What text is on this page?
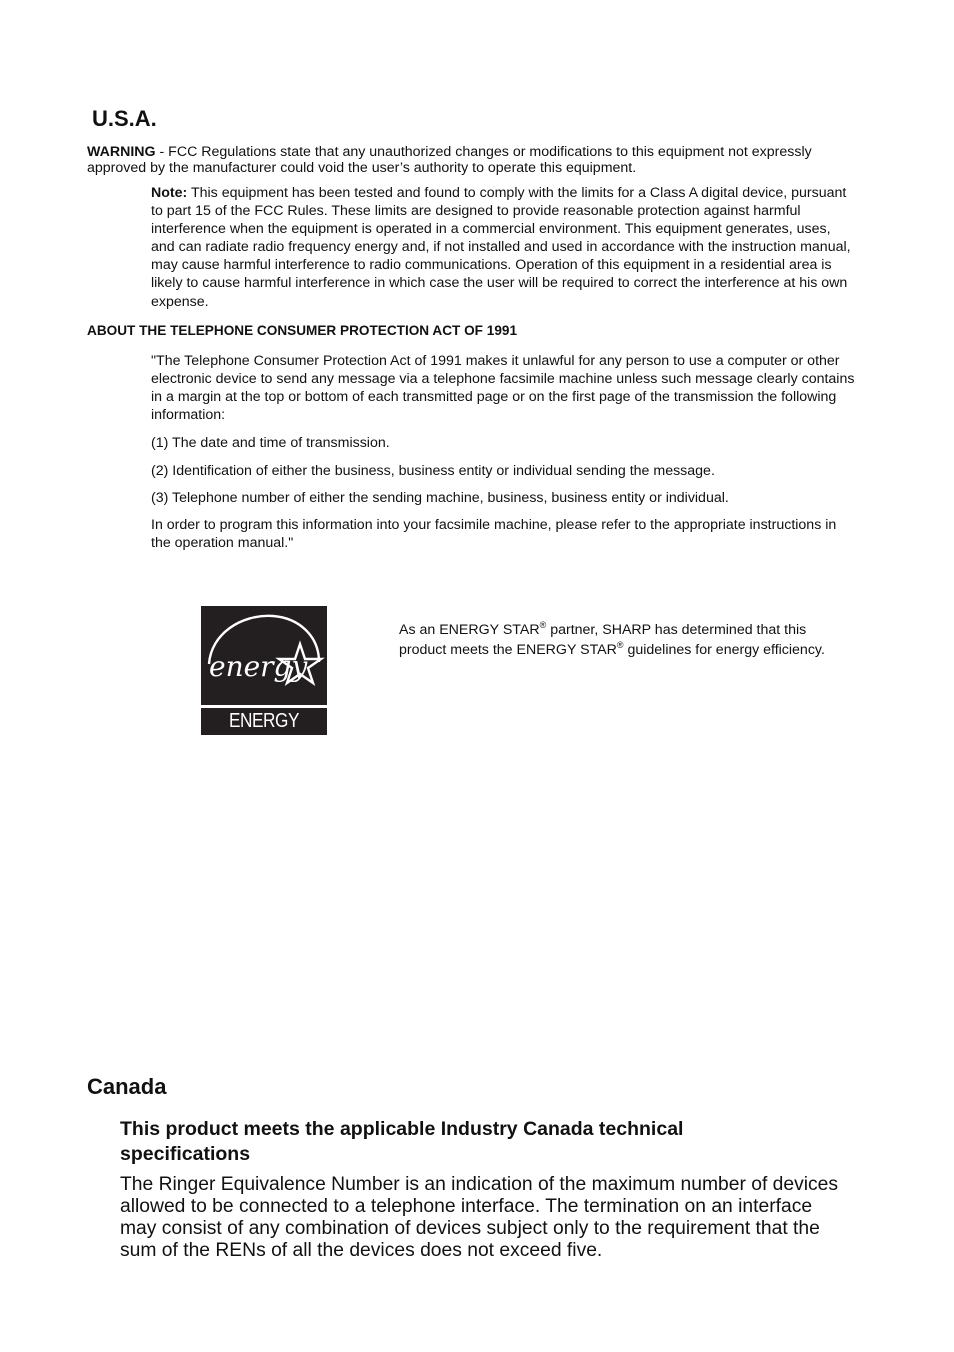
U.S.A.

WARNING - FCC Regulations state that any unauthorized changes or modifications to this equipment not expressly approved by the manufacturer could void the user’s authority to operate this equipment.

Note: This equipment has been tested and found to comply with the limits for a Class A digital device, pursuant to part 15 of the FCC Rules. These limits are designed to provide reasonable protection against harmful interference when the equipment is operated in a commercial environment. This equipment generates, uses, and can radiate radio frequency energy and, if not installed and used in accordance with the instruction manual, may cause harmful interference to radio communications. Operation of this equipment in a residential area is likely to cause harmful interference in which case the user will be required to correct the interference at his own expense.

ABOUT THE TELEPHONE CONSUMER PROTECTION ACT OF 1991

"The Telephone Consumer Protection Act of 1991 makes it unlawful for any person to use a computer or other electronic device to send any message via a telephone facsimile machine unless such message clearly contains in a margin at the top or bottom of each transmitted page or on the first page of the transmission the following information:

(1) The date and time of transmission.

(2) Identification of either the business, business entity or individual sending the message.

(3) Telephone number of either the sending machine, business, business entity or individual.

In order to program this information into your facsimile machine, please refer to the appropriate instructions in the operation manual."

energy
ENERGY STAR

As an ENERGY STAR® partner, SHARP has determined that this product meets the ENERGY STAR® guidelines for energy efficiency.

Canada
This product meets the applicable Industry Canada technical specifications

The Ringer Equivalence Number is an indication of the maximum number of devices allowed to be connected to a telephone interface. The termination on an interface may consist of any combination of devices subject only to the requirement that the sum of the RENs of all the devices does not exceed five.
